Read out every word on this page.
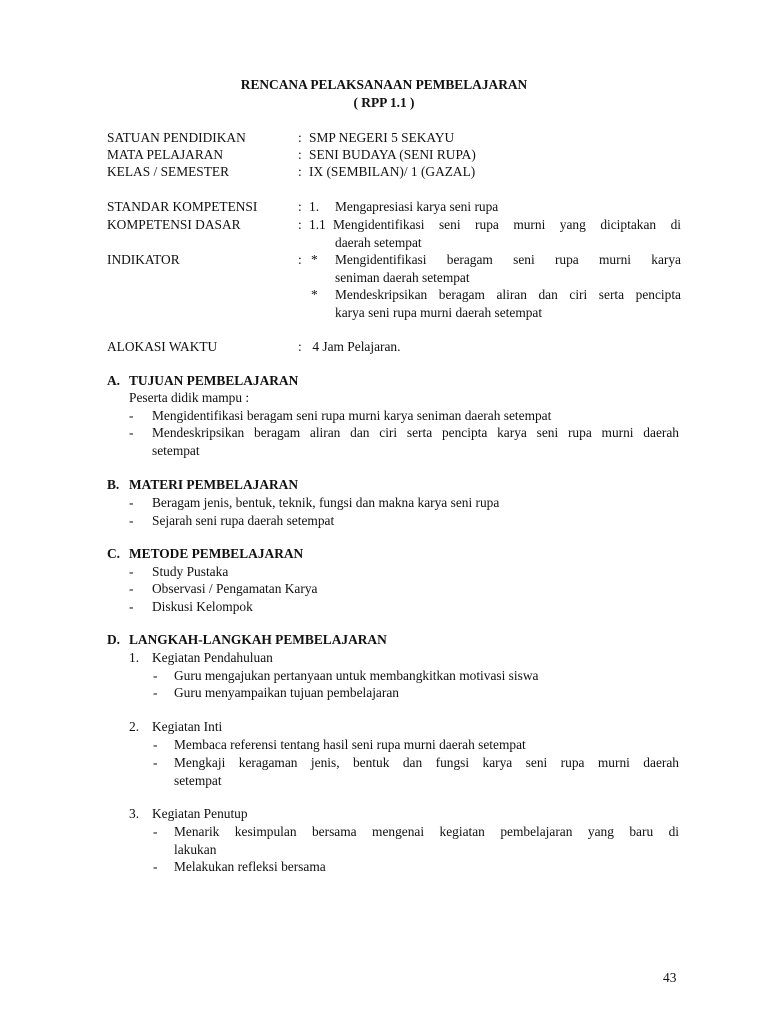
RENCANA PELAKSANAAN PEMBELAJARAN
( RPP 1.1 )
SATUAN PENDIDIKAN	: SMP NEGERI 5 SEKAYU
MATA PELAJARAN	: SENI BUDAYA (SENI RUPA)
KELAS / SEMESTER	: IX (SEMBILAN)/ 1 (GAZAL)
STANDAR KOMPETENSI	: 1. Mengapresiasi karya seni rupa
KOMPETENSI DASAR	: 1.1 Mengidentifikasi seni rupa murni yang diciptakan di
daerah setempat
INDIKATOR	: * Mengidentifikasi beragam seni rupa murni karya
seniman daerah setempat
* Mendeskripsikan beragam aliran dan ciri serta pencipta
karya seni rupa murni daerah setempat
ALOKASI WAKTU	: 4 Jam Pelajaran.
A. TUJUAN PEMBELAJARAN
Peserta didik mampu :
- Mengidentifikasi beragam seni rupa murni karya seniman daerah setempat
- Mendeskripsikan beragam aliran dan ciri serta pencipta karya seni rupa murni daerah
setempat
B. MATERI PEMBELAJARAN
- Beragam jenis, bentuk, teknik, fungsi dan makna karya seni rupa
- Sejarah seni rupa daerah setempat
C. METODE PEMBELAJARAN
- Study Pustaka
- Observasi / Pengamatan Karya
- Diskusi Kelompok
D. LANGKAH-LANGKAH PEMBELAJARAN
1. Kegiatan Pendahuluan
- Guru mengajukan pertanyaan untuk membangkitkan motivasi siswa
- Guru menyampaikan tujuan pembelajaran
2. Kegiatan Inti
- Membaca referensi tentang hasil seni rupa murni daerah setempat
- Mengkaji keragaman jenis, bentuk dan fungsi karya seni rupa murni daerah
setempat
3. Kegiatan Penutup
- Menarik kesimpulan bersama mengenai kegiatan pembelajaran yang baru di
lakukan
- Melakukan refleksi bersama
43
